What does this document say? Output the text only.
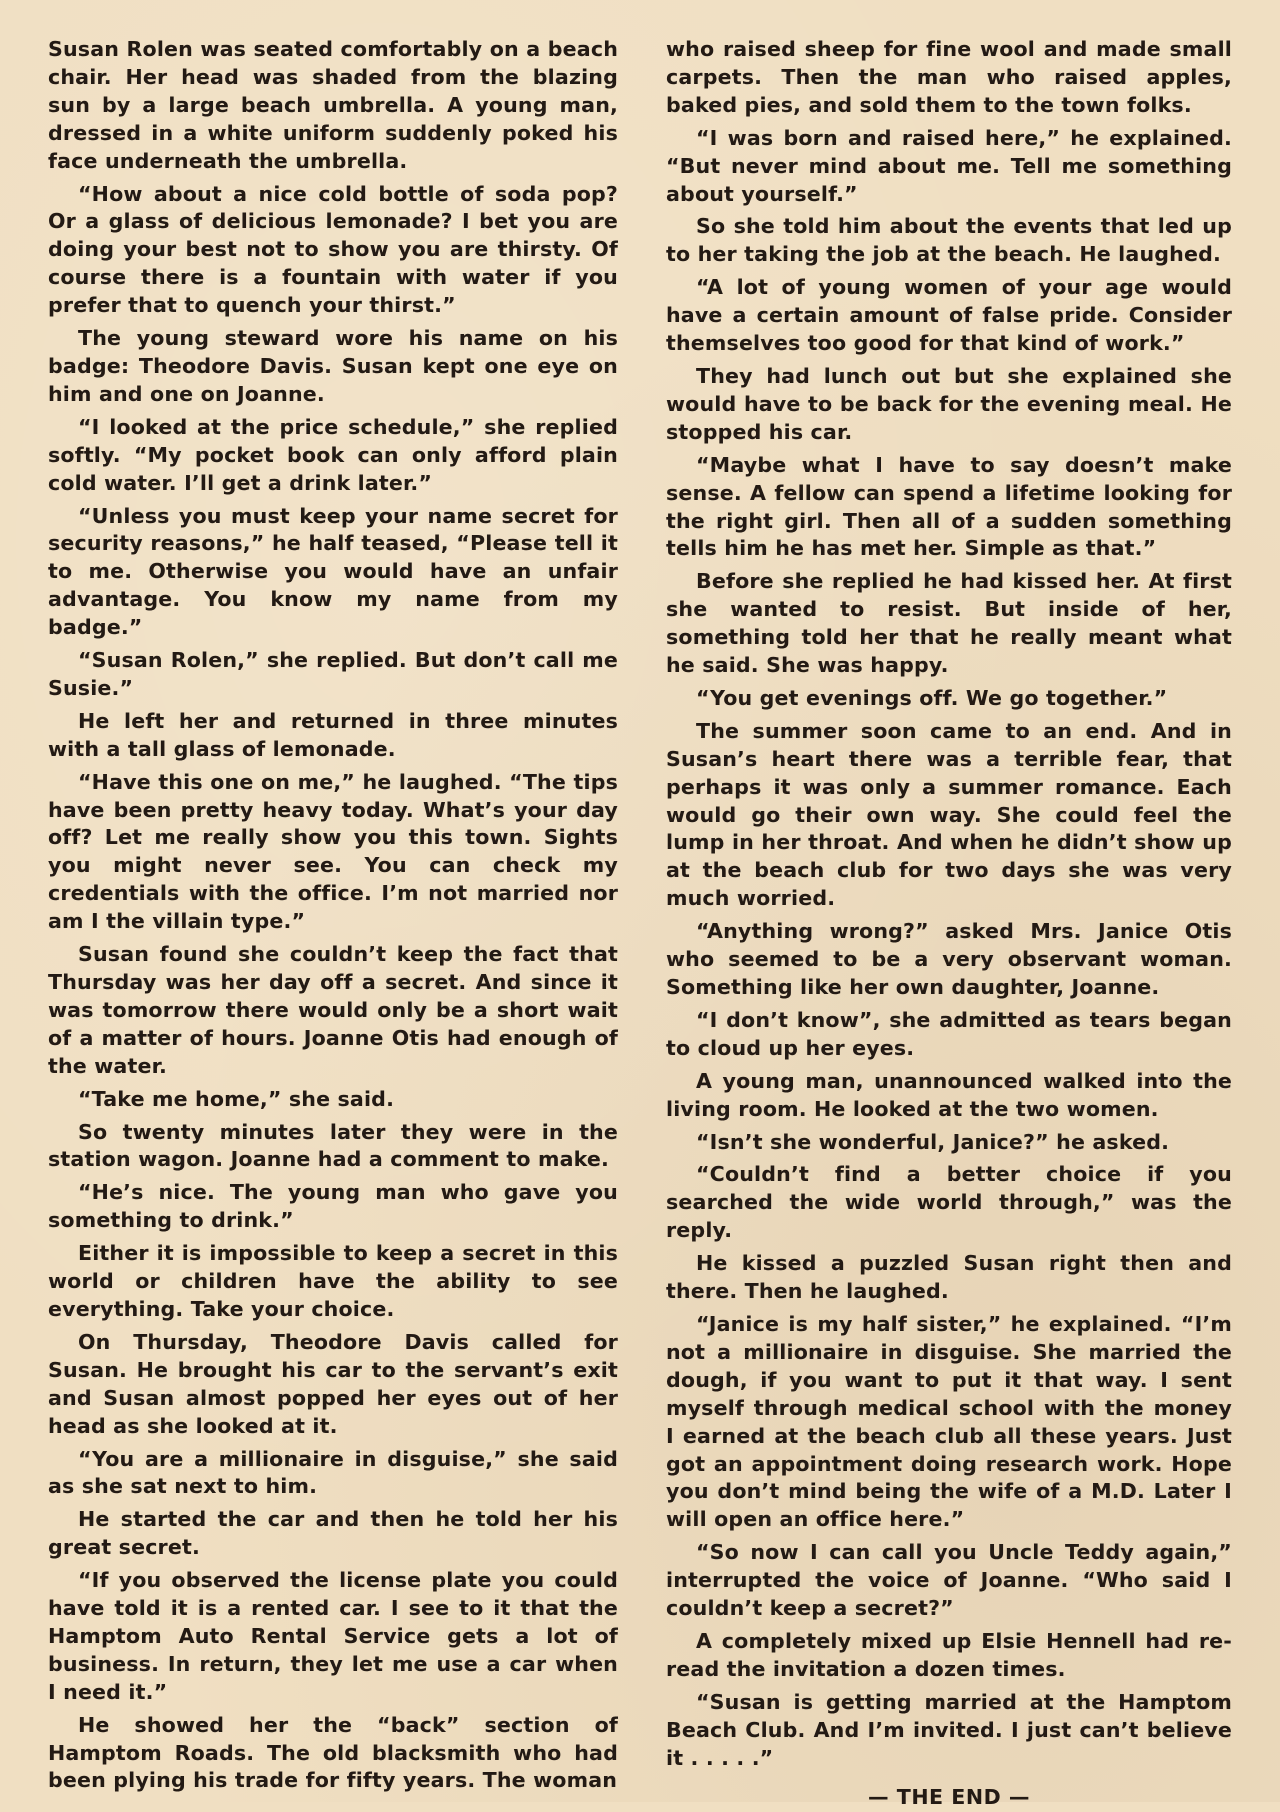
Susan Rolen was seated comfortably on a beach chair. Her head was shaded from the blazing sun by a large beach umbrella. A young man, dressed in a white uniform suddenly poked his face underneath the umbrella.

“How about a nice cold bottle of soda pop? Or a glass of delicious lemonade? I bet you are doing your best not to show you are thirsty. Of course there is a fountain with water if you prefer that to quench your thirst.”

The young steward wore his name on his badge: Theodore Davis. Susan kept one eye on him and one on Joanne.

“I looked at the price schedule,” she replied softly. “My pocket book can only afford plain cold water. I’ll get a drink later.”

“Unless you must keep your name secret for security reasons,” he half teased, “Please tell it to me. Otherwise you would have an unfair advantage. You know my name from my badge.”

“Susan Rolen,” she replied. But don’t call me Susie.”

He left her and returned in three minutes with a tall glass of lemonade.

“Have this one on me,” he laughed. “The tips have been pretty heavy today. What’s your day off? Let me really show you this town. Sights you might never see. You can check my credentials with the office. I’m not married nor am I the villain type.”

Susan found she couldn’t keep the fact that Thursday was her day off a secret. And since it was tomorrow there would only be a short wait of a matter of hours. Joanne Otis had enough of the water.

“Take me home,” she said.

So twenty minutes later they were in the station wagon. Joanne had a comment to make.

“He’s nice. The young man who gave you something to drink.”

Either it is impossible to keep a secret in this world or children have the ability to see everything. Take your choice.

On Thursday, Theodore Davis called for Susan. He brought his car to the servant’s exit and Susan almost popped her eyes out of her head as she looked at it.

“You are a millionaire in disguise,” she said as she sat next to him.

He started the car and then he told her his great secret.

“If you observed the license plate you could have told it is a rented car. I see to it that the Hamptom Auto Rental Service gets a lot of business. In return, they let me use a car when I need it.”

He showed her the “back” section of Hamptom Roads. The old blacksmith who had been plying his trade for fifty years. The woman

who raised sheep for fine wool and made small carpets. Then the man who raised apples, baked pies, and sold them to the town folks.

“I was born and raised here,” he explained. “But never mind about me. Tell me something about yourself.”

So she told him about the events that led up to her taking the job at the beach. He laughed.

“A lot of young women of your age would have a certain amount of false pride. Consider themselves too good for that kind of work.”

They had lunch out but she explained she would have to be back for the evening meal. He stopped his car.

“Maybe what I have to say doesn’t make sense. A fellow can spend a lifetime looking for the right girl. Then all of a sudden something tells him he has met her. Simple as that.”

Before she replied he had kissed her. At first she wanted to resist. But inside of her, something told her that he really meant what he said. She was happy.

“You get evenings off. We go together.”

The summer soon came to an end. And in Susan’s heart there was a terrible fear, that perhaps it was only a summer romance. Each would go their own way. She could feel the lump in her throat. And when he didn’t show up at the beach club for two days she was very much worried.

“Anything wrong?” asked Mrs. Janice Otis who seemed to be a very observant woman. Something like her own daughter, Joanne.

“I don’t know”, she admitted as tears began to cloud up her eyes.

A young man, unannounced walked into the living room. He looked at the two women.

“Isn’t she wonderful, Janice?” he asked.

“Couldn’t find a better choice if you searched the wide world through,” was the reply.

He kissed a puzzled Susan right then and there. Then he laughed.

“Janice is my half sister,” he explained. “I’m not a millionaire in disguise. She married the dough, if you want to put it that way. I sent myself through medical school with the money I earned at the beach club all these years. Just got an appointment doing research work. Hope you don’t mind being the wife of a M.D. Later I will open an office here.”

“So now I can call you Uncle Teddy again,” interrupted the voice of Joanne. “Who said I couldn’t keep a secret?”

A completely mixed up Elsie Hennell had re-read the invitation a dozen times.

“Susan is getting married at the Hamptom Beach Club. And I’m invited. I just can’t believe it . . . . .”

— THE END —
